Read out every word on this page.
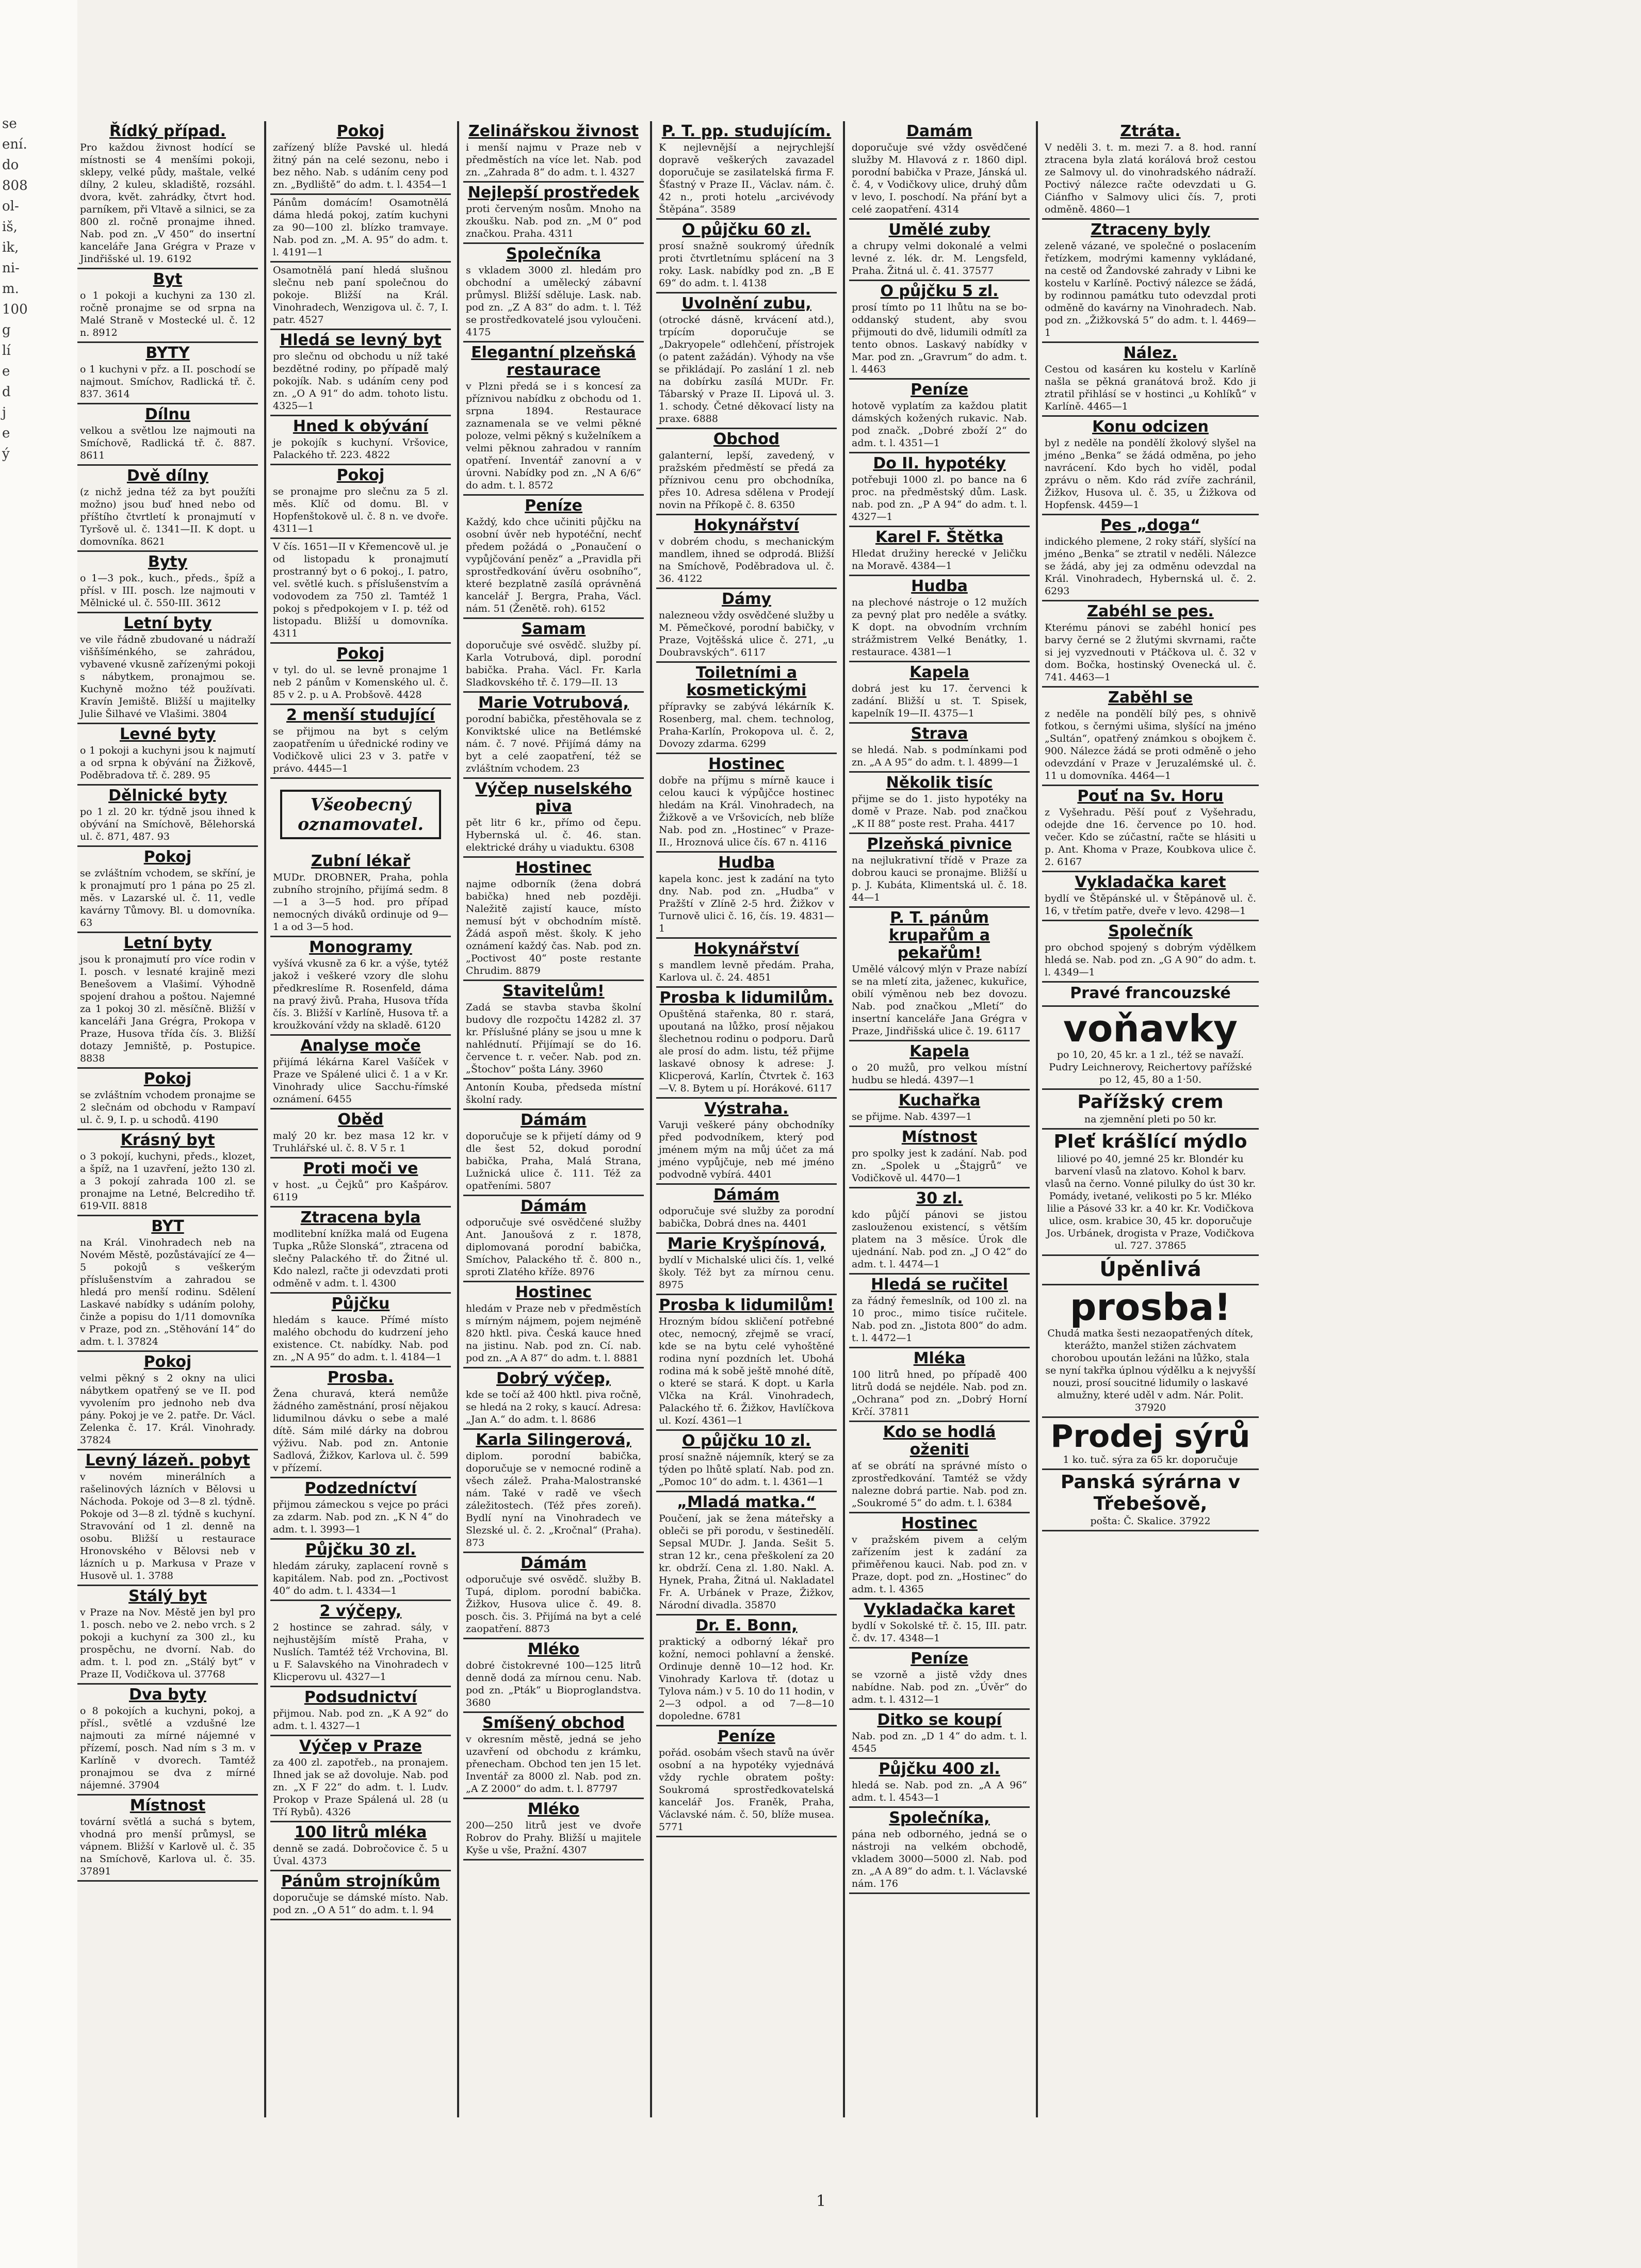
se
ení.
do
808
ol-
iš,
ik,
ni-
m.
100
g
lí
e
d
j
e
ý
Řídký případ.
Pro každou živnost hodící se místnosti se 4 menšími pokoji, sklepy, velké půdy, maštale, velké dílny, 2 kuleu, skladiště, rozsáhl. dvora, květ. zahrádky, čtvrt hod. parníkem, při Vltavě a silnici, se za 800 zl. ročně pronajme ihned. Nab. pod zn. „V 450“ do insertní kanceláře Jana Grégra v Praze v Jindřišské ul. 19. 6192
Byt
o 1 pokoji a kuchyni za 130 zl. ročně pronajme se od srpna na Malé Straně v Mostecké ul. č. 12 n. 8912
BYTY
o 1 kuchyni v přz. a II. poschodí se najmout. Smíchov, Radlická tř. č. 837. 3614
Dílnu
velkou a světlou lze najmouti na Smíchově, Radlická tř. č. 887. 8611
Dvě dílny
(z nichž jedna též za byt použíti možno) jsou buď hned nebo od příštího čtvrtletí k pronajmutí v Tyršově ul. č. 1341—II. K dopt. u domovníka. 8621
Byty
o 1—3 pok., kuch., předs., špíž a přísl. v III. posch. lze najmouti v Mělnické ul. č. 550-III. 3612
Letní byty
ve vile řádně zbudované u nádraží višňšíménkého, se zahrádou, vybavené vkusně zařízenými pokoji s nábytkem, pronajmou se. Kuchyně možno též používati. Kravín Jemiště. Bližší u majitelky Julie Šilhavé ve Vlašimi. 3804
Levné byty
o 1 pokoji a kuchyni jsou k najmutí a od srpna k obývání na Žižkově, Poděbradova tř. č. 289. 95
Dělnické byty
po 1 zl. 20 kr. týdně jsou ihned k obývání na Smíchově, Bělehorská ul. č. 871, 487. 93
Pokoj
se zvláštním vchodem, se skříní, je k pronajmutí pro 1 pána po 25 zl. měs. v Lazarské ul. č. 11, vedle kavárny Tůmovy. Bl. u domovníka. 63
Letní byty
jsou k pronajmutí pro více rodin v I. posch. v lesnaté krajině mezi Benešovem a Vlašimí. Výhodně spojení drahou a poštou. Najemné za 1 pokoj 30 zl. měsíčně. Bližší v kanceláři Jana Grégra, Prokopa v Praze, Husova třída čís. 3. Bližší dotazy Jemniště, p. Postupice. 8838
Pokoj
se zvláštním vchodem pronajme se 2 slečnám od obchodu v Rampaví ul. č. 9, I. p. u schodů. 4190
Krásný byt
o 3 pokojí, kuchyni, předs., klozet, a špíž, na 1 uzavření, ježto 130 zl. a 3 pokojí zahrada 100 zl. se pronajme na Letné, Belcrediho tř. 619-VII. 8818
BYT
na Král. Vinohradech neb na Novém Městě, pozůstávající ze 4—5 pokojů s veškerým příslušenstvím a zahradou se hledá pro menší rodinu. Sdělení Laskavé nabídky s udáním polohy, činže a popisu do 1/11 domovníka v Praze, pod zn. „Stěhování 14“ do adm. t. l. 37824
Pokoj
velmi pěkný s 2 okny na ulici nábytkem opatřený se ve II. pod vyvolením pro jednoho neb dva pány. Pokoj je ve 2. patře. Dr. Václ. Zelenka č. 17. Král. Vinohrady. 37824
Levný lázeň. pobyt
v novém minerálních a rašelinových lázních v Bělovsi u Náchoda. Pokoje od 3—8 zl. týdně. Pokoje od 3—8 zl. týdně s kuchyní. Stravování od 1 zl. denně na osobu. Bližší u restaurace Hronovského v Bělovsi neb v lázních u p. Markusa v Praze v Husově ul. 1. 3788
Stálý byt
v Praze na Nov. Městě jen byl pro 1. posch. nebo ve 2. nebo vrch. s 2 pokoji a kuchyní za 300 zl., ku prospěchu, ne dvorní. Nab. do adm. t. l. pod zn. „Stálý byt“ v Praze II, Vodičkova ul. 37768
Dva byty
o 8 pokojích a kuchyni, pokoj, a přísl., světlé a vzdušné lze najmouti za mírné nájemné v přízemí, posch. Nad ním s 3 m. v Karlíně v dvorech. Tamtéž pronajmou se dva z mírné nájemné. 37904
Místnost
tovární světlá a suchá s bytem, vhodná pro menší průmysl, se vápnem. Bližší v Karlově ul. č. 35 na Smíchově, Karlova ul. č. 35. 37891
Pokoj
zařízený blíže Pavské ul. hledá žitný pán na celé sezonu, nebo i bez něho. Nab. s udáním ceny pod zn. „Bydliště“ do adm. t. l. 4354—1
Pánům domácím! Osamotnělá dáma hledá pokoj, zatím kuchyni za 90—100 zl. blízko tramvaye. Nab. pod zn. „M. A. 95“ do adm. t. l. 4191—1
Osamotnělá paní hledá slušnou slečnu neb paní společnou do pokoje. Bližší na Král. Vinohradech, Wenzigova ul. č. 7, I. patr. 4527
Hledá se levný byt
pro slečnu od obchodu u níž také bezdětné rodiny, po případě malý pokojík. Nab. s udáním ceny pod zn. „O A 91“ do adm. tohoto listu. 4325—1
Hned k obývání
je pokojík s kuchyní. Vršovice, Palackého tř. 223. 4822
Pokoj
se pronajme pro slečnu za 5 zl. měs. Klíč od domu. Bl. v Hopfenštokově ul. č. 8 n. ve dvoře. 4311—1
V čís. 1651—II v Křemencově ul. je od listopadu k pronajmutí prostranný byt o 6 pokoj., I. patro, vel. světlé kuch. s příslušenstvím a vodovodem za 750 zl. Tamtéž 1 pokoj s předpokojem v I. p. též od listopadu. Bližší u domovníka. 4311
Pokoj
v tyl. do ul. se levně pronajme 1 neb 2 pánům v Komenského ul. č. 85 v 2. p. u A. Probšově. 4428
2 menší studující
se přijmou na byt s celým zaopatřením u úřednické rodiny ve Vodičkově ulici 23 v 3. patře v právo. 4445—1
Všeobecný oznamovatel.
Zubní lékař
MUDr. DROBNER, Praha, pohla zubního strojního, přijímá sedm. 8—1 a 3—5 hod. pro případ nemocných diváků ordinuje od 9—1 a od 3—5 hod.
Monogramy
vyšívá vkusně za 6 kr. a výše, tytéž jakož i veškeré vzory dle slohu předkreslíme R. Rosenfeld, dáma na pravý živů. Praha, Husova třída čís. 3. Bližší v Karlíně, Husova tř. a kroužkování vždy na skladě. 6120
Analyse moče
přijímá lékárna Karel Vašíček v Praze ve Spálené ulici č. 1 a v Kr. Vinohrady ulice Sacchu-římské oznámení. 6455
Oběd
malý 20 kr. bez masa 12 kr. v Truhlářské ul. č. 8. V 5 r. 1
Proti moči ve
v host. „u Čejků“ pro Kašpárov. 6119
Ztracena byla
modlitební knížka malá od Eugena Tupka „Růže Slonská“, ztracena od slečny Palackého tř. do Žitné ul. Kdo nalezl, račte ji odevzdati proti odměně v adm. t. l. 4300
Půjčku
hledám s kauce. Přímé místo malého obchodu do kudrzení jeho existence. Ct. nabídky. Nab. pod zn. „N A 95“ do adm. t. l. 4184—1
Prosba.
Žena churavá, která nemůže žádného zaměstnání, prosí nějakou lidumilnou dávku o sebe a malé dítě. Sám milé dárky na dobrou výživu. Nab. pod zn. Antonie Sadlová, Žižkov, Karlova ul. č. 599 v přízemí.
Podzedníctví
přijmou zámeckou s vejce po práci za zdarm. Nab. pod zn. „K N 4“ do adm. t. l. 3993—1
Půjčku 30 zl.
hledám záruky, zaplacení rovně s kapitálem. Nab. pod zn. „Poctivost 40“ do adm. t. l. 4334—1
2 výčepy,
2 hostince se zahrad. sály, v nejhustějším místě Praha, v Nuslích. Tamtéž též Vrchovina, Bl. u F. Salavského na Vinohradech v Klicperovu ul. 4327—1
Podsudnictví
přijmou. Nab. pod zn. „K A 92“ do adm. t. l. 4327—1
Výčep v Praze
za 400 zl. zapotřeb., na pronajem. Ihned jak se až dovoluje. Nab. pod zn. „X F 22“ do adm. t. l. Ludv. Prokop v Praze Spálená ul. 28 (u Tří Rybů). 4326
100 litrů mléka
denně se zadá. Dobročovice č. 5 u Úval. 4373
Pánům strojníkům
doporučuje se dámské místo. Nab. pod zn. „O A 51“ do adm. t. l. 94
Zelinářskou živnost
i menší najmu v Praze neb v předměstích na více let. Nab. pod zn. „Zahrada 8“ do adm. t. l. 4327
Nejlepší prostředek
proti červeným nosům. Mnoho na zkoušku. Nab. pod zn. „M 0“ pod značkou. Praha. 4311
Společníka
s vkladem 3000 zl. hledám pro obchodní a umělecký zábavní průmysl. Bližší sděluje. Lask. nab. pod zn. „Z A 83“ do adm. t. l. Též se prostředkovatelé jsou vyloučeni. 4175
Elegantní plzeňská restaurace
v Plzni předá se i s koncesí za příznivou nabídku z obchodu od 1. srpna 1894. Restaurace zaznamenala se ve velmi pěkné poloze, velmi pěkný s kuželníkem a velmi pěknou zahradou v ranním opatření. Inventář zanovní a v úrovni. Nabídky pod zn. „N A 6/6“ do adm. t. l. 8572
Peníze
Každý, kdo chce učiniti půjčku na osobní úvěr neb hypotéční, nechť předem požádá o „Ponaučení o vypůjčování peněz“ a „Pravidla při sprostředkování úvěru osobního“, které bezplatně zasílá oprávněná kancelář J. Bergra, Praha, Václ. nám. 51 (Ženětě. roh). 6152
Samam
doporučuje své osvědč. služby pí. Karla Votrubová, dipl. porodní babička. Praha. Václ. Fr. Karla Sladkovského tř. č. 179—II. 13
Marie Votrubová,
porodní babička, přestěhovala se z Konviktské ulice na Betlémské nám. č. 7 nové. Přijímá dámy na byt a celé zaopatření, též se zvláštním vchodem. 23
Výčep nuselského piva
pět litr 6 kr., přímo od čepu. Hybernská ul. č. 46. stan. elektrické dráhy u viaduktu. 6308
Hostinec
najme odborník (žena dobrá babička) hned neb později. Naležitě zajistí kauce, místo nemusí být v obchodním místě. Žádá aspoň měst. školy. K jeho oznámení každý čas. Nab. pod zn. „Poctivost 40“ poste restante Chrudim. 8879
Stavitelům!
Zadá se stavba stavba školní budovy dle rozpočtu 14282 zl. 37 kr. Příslušné plány se jsou u mne k nahlédnutí. Přijímají se do 16. července t. r. večer. Nab. pod zn. „Štochov“ pošta Lány. 3960
Antonín Kouba, předseda místní školní rady.
Dámám
doporučuje se k přijetí dámy od 9 dle šest 52, dokud porodní babička, Praha, Malá Strana, Lužnická ulice č. 111. Též za opatřeními. 5807
Dámám
odporučuje své osvědčené služby Ant. Janoušová z r. 1878, diplomovaná porodní babička, Smíchov, Palackého tř. č. 800 n., sproti Zlatého kříže. 8976
Hostinec
hledám v Praze neb v předměstích s mírným nájmem, pojem nejméně 820 hktl. piva. Česká kauce hned na jistinu. Nab. pod zn. Cí. nab. pod zn. „A A 87“ do adm. t. l. 8881
Dobrý výčep,
kde se točí až 400 hktl. piva ročně, se hledá na 2 roky, s kaucí. Adresa: „Jan A.“ do adm. t. l. 8686
Karla Silingerová,
diplom. porodní babička, doporučuje se v nemocné rodině a všech zálež. Praha-Malostranské nám. Také v radě ve všech záležitostech. (Též přes zoreň). Bydlí nyní na Vinohradech ve Slezské ul. č. 2. „Kročnal“ (Praha). 873
Dámám
odporučuje své osvědč. služby B. Tupá, diplom. porodní babička. Žižkov, Husova ulice č. 49. 8. posch. čis. 3. Přijímá na byt a celé zaopatření. 8873
Mléko
dobré čistokrevné 100—125 litrů denně dodá za mírnou cenu. Nab. pod zn. „Pták“ u Bioproglandstva. 3680
Smíšený obchod
v okresním městě, jedná se jeho uzavření od obchodu z krámku, přenecham. Obchod ten jen 15 let. Inventář za 8000 zl. Nab. pod zn. „A Z 2000“ do adm. t. l. 87797
Mléko
200—250 litrů jest ve dvoře Robrov do Prahy. Bližší u majitele Kyše u vše, Pražní. 4307
P. T. pp. studujícím.
K nejlevnější a nejrychlejší dopravě veškerých zavazadel doporučuje se zasilatelská firma F. Šťastný v Praze II., Václav. nám. č. 42 n., proti hotelu „arcivévody Štěpána“. 3589
O půjčku 60 zl.
prosí snažně soukromý úředník proti čtvrtletnímu splácení na 3 roky. Lask. nabídky pod zn. „B E 69“ do adm. t. l. 4138
Uvolnění zubu,
(otrocké dásně, krvácení atd.), trpícím doporučuje se „Dakryopele“ odlehčení, přístrojek (o patent zažádán). Výhody na vše se přikládají. Po zaslání 1 zl. neb na dobírku zasílá MUDr. Fr. Tábarský v Praze II. Lipová ul. 3. 1. schody. Četné děkovací listy na praxe. 6888
Obchod
galanterní, lepší, zavedený, v pražském předměstí se předá za příznivou cenu pro obchodníka, přes 10. Adresa sdělena v Prodejí novin na Příkopě č. 8. 6350
Hokynářství
v dobrém chodu, s mechanickým mandlem, ihned se odprodá. Bližší na Smíchově, Poděbradova ul. č. 36. 4122
Dámy
nalezneou vždy osvědčené služby u M. Pěmečkové, porodní babičky, v Praze, Vojtěšská ulice č. 271, „u Doubravských“. 6117
Toiletními a kosmetickými
přípravky se zabývá lékárník K. Rosenberg, mal. chem. technolog, Praha-Karlín, Prokopova ul. č. 2, Dovozy zdarma. 6299
Hostinec
dobře na příjmu s mírně kauce i celou kauci k výpůjčce hostinec hledám na Král. Vinohradech, na Žižkově a ve Vršovicích, neb blíže Nab. pod zn. „Hostinec“ v Praze-II., Hroznová ulice čís. 67 n. 4116
Hudba
kapela konc. jest k zadání na tyto dny. Nab. pod zn. „Hudba“ v Pražští v Zlíně 2-5 hrd. Žižkov v Turnově ulici č. 16, čís. 19. 4831—1
Hokynářství
s mandlem levně předám. Praha, Karlova ul. č. 24. 4851
Prosba k lidumilům.
Opuštěná stařenka, 80 r. stará, upoutaná na lůžko, prosí nějakou šlechetnou rodinu o podporu. Darů ale prosí do adm. listu, též přijme laskavé obnosy k adrese: J. Klicperová, Karlín, Čtvrtek č. 163—V. 8. Bytem u pí. Horákové. 6117
Výstraha.
Varuji veškeré pány obchodníky před podvodníkem, který pod jménem mým na můj účet za má jméno vypůjčuje, neb mé jméno podvodně vybírá. 4401
Dámám
odporučuje své služby za porodní babička, Dobrá dnes na. 4401
Marie Kryšpínová,
bydlí v Michalské ulici čís. 1, velké školy. Též byt za mírnou cenu. 8975
Prosba k lidumilům!
Hrozným bídou skličení potřebné otec, nemocný, zřejmě se vrací, kde se na bytu celé vyhoštěné rodina nyní pozdních let. Ubohá rodina má k sobě ještě mnohé dítě, o které se stará. K dopt. u Karla Vlčka na Král. Vinohradech, Palackého tř. 6. Žižkov, Havlíčkova ul. Kozí. 4361—1
O půjčku 10 zl.
prosí snažně nájemník, který se za týden po lhůtě splatí. Nab. pod zn. „Pomoc 10“ do adm. t. l. 4361—1
„Mladá matka.“
Poučení, jak se žena máteřsky a obleči se při porodu, v šestinedělí. Sepsal MUDr. J. Janda. Sešit 5. stran 12 kr., cena přeškolení za 20 kr. obdrží. Cena zl. 1.80. Nakl. A. Hynek, Praha, Žitná ul. Nakladatel Fr. A. Urbánek v Praze, Žižkov, Národní divadla. 35870
Dr. E. Bonn,
praktický a odborný lékař pro kožní, nemoci pohlavní a ženské. Ordinuje denně 10—12 hod. Kr. Vinohrady Karlova tř. (dotaz u Tylova nám.) v 5. 10 do 11 hodin, v 2—3 odpol. a od 7—8—10 dopoledne. 6781
Peníze
pořád. osobám všech stavů na úvěr osobní a na hypotéky vyjednává vždy rychle obratem pošty: Soukromá sprostředkovatelská kancelář Jos. Franěk, Praha, Václavské nám. č. 50, blíže musea. 5771
Damám
doporučuje své vždy osvědčené služby M. Hlavová z r. 1860 dipl. porodní babička v Praze, Jánská ul. č. 4, v Vodičkovy ulice, druhý dům v levo, I. poschodí. Na přání byt a celé zaopatření. 4314
Umělé zuby
a chrupy velmi dokonalé a velmi levné z. lék. dr. M. Lengsfeld, Praha. Žitná ul. č. 41. 37577
O půjčku 5 zl.
prosí tímto po 11 lhůtu na se bo-oddanský student, aby svou přijmouti do dvě, lidumili odmítl za tento obnos. Laskavý nabídky v Mar. pod zn. „Gravrum“ do adm. t. l. 4463
Peníze
hotově vyplatím za každou platit dámských kožených rukavic. Nab. pod značk. „Dobré zboží 2“ do adm. t. l. 4351—1
Do II. hypotéky
potřebuji 1000 zl. po bance na 6 proc. na předměstský dům. Lask. nab. pod zn. „P A 94“ do adm. t. l. 4327—1
Karel F. Štětka
Hledat družiny herecké v Jeličku na Moravě. 4384—1
Hudba
na plechové nástroje o 12 mužích za pevný plat pro neděle a svátky. K dopt. na obvodním vrchním strážmistrem Velké Benátky, 1. restaurace. 4381—1
Kapela
dobrá jest ku 17. červenci k zadání. Bližší u st. T. Spisek, kapelník 19—II. 4375—1
Strava
se hledá. Nab. s podmínkami pod zn. „A A 95“ do adm. t. l. 4899—1
Několik tisíc
přijme se do 1. jisto hypotéky na domě v Praze. Nab. pod značkou „K II 88“ poste rest. Praha. 4417
Plzeňská pivnice
na nejlukrativní třídě v Praze za dobrou kauci se pronajme. Bližší u p. J. Kubáta, Klimentská ul. č. 18. 44—1
P. T. pánům krupařům a pekařům!
Umělé válcový mlýn v Praze nabízí se na mletí zita, jaženec, kukuřice, obilí výměnou neb bez dovozu. Nab. pod značkou „Mletí“ do insertní kanceláře Jana Grégra v Praze, Jindřišská ulice č. 19. 6117
Kapela
o 20 mužů, pro velkou místní hudbu se hledá. 4397—1
Kuchařka
se přijme. Nab. 4397—1
Místnost
pro spolky jest k zadání. Nab. pod zn. „Spolek u „Štajgrů“ ve Vodičkově ul. 4470—1
30 zl.
kdo půjčí pánovi se jistou zaslouženou existencí, s větším platem na 3 měsíce. Úrok dle ujednání. Nab. pod zn. „J O 42“ do adm. t. l. 4474—1
Hledá se ručitel
za řádný řemeslník, od 100 zl. na 10 proc., mimo tisíce ručitele. Nab. pod zn. „Jistota 800“ do adm. t. l. 4472—1
Mléka
100 litrů hned, po případě 400 litrů dodá se nejdéle. Nab. pod zn. „Ochrana“ pod zn. „Dobrý Horní Krčí. 37811
Kdo se hodlá oženiti
ať se obrátí na správné místo o zprostředkování. Tamtéž se vždy nalezne dobrá partie. Nab. pod zn. „Soukromé 5“ do adm. t. l. 6384
Hostinec
v pražském pivem a celým zařízením jest k zadání za přiměřenou kauci. Nab. pod zn. v Praze, dopt. pod zn. „Hostinec“ do adm. t. l. 4365
Vykladačka karet
bydlí v Sokolské tř. č. 15, III. patr. č. dv. 17. 4348—1
Peníze
se vzorně a jistě vždy dnes nabídne. Nab. pod zn. „Úvěr“ do adm. t. l. 4312—1
Ditko se koupí
Nab. pod zn. „D 1 4“ do adm. t. l. 4545
Půjčku 400 zl.
hledá se. Nab. pod zn. „A A 96“ adm. t. l. 4543—1
Společníka,
pána neb odborného, jedná se o nástroji na velkém obchodě, vkladem 3000—5000 zl. Nab. pod zn. „A A 89“ do adm. t. l. Václavské nám. 176
Ztráta.
V neděli 3. t. m. mezi 7. a 8. hod. ranní ztracena byla zlatá korálová brož cestou ze Salmovy ul. do vinohradského nádraží. Poctivý nálezce račte odevzdati u G. Ciánfho v Salmovy ulici čís. 7, proti odměně. 4860—1
Ztraceny byly
zeleně vázané, ve společné o poslacením řetízkem, modrými kamenny vykládané, na cestě od Žandovské zahrady v Libni ke kostelu v Karlíně. Poctivý nálezce se žádá, by rodinnou památku tuto odevzdal proti odměně do kavárny na Vinohradech. Nab. pod zn. „Žižkovská 5“ do adm. t. l. 4469—1
Nález.
Cestou od kasáren ku kostelu v Karlíně našla se pěkná granátová brož. Kdo ji ztratil přihlásí se v hostinci „u Kohlíků“ v Karlíně. 4465—1
Konu odcizen
byl z neděle na pondělí žkolový slyšel na jméno „Benka“ se žádá odměna, po jeho navrácení. Kdo bych ho viděl, podal zprávu o něm. Kdo rád zvíře zachránil, Žižkov, Husova ul. č. 35, u Žižkova od Hopfensk. 4459—1
Pes „doga“
indického plemene, 2 roky stáří, slyšící na jméno „Benka“ se ztratil v neděli. Nálezce se žádá, aby jej za odměnu odevzdal na Král. Vinohradech, Hybernská ul. č. 2. 6293
Zabéhl se pes.
Kterému pánovi se zabéhl honicí pes barvy černé se 2 žlutými skvrnami, račte si jej vyzvednouti v Ptáčkova ul. č. 32 v dom. Bočka, hostinský Ovenecká ul. č. 741. 4463—1
Zaběhl se
z neděle na pondělí bílý pes, s ohnivě fotkou, s černými ušima, slyšící na jméno „Sultán“, opatřený známkou s obojkem č. 900. Nálezce žádá se proti odměně o jeho odevzdání v Praze v Jeruzalémské ul. č. 11 u domovníka. 4464—1
Pouť na Sv. Horu
z Vyšehradu. Pěší pouť z Vyšehradu, odejde dne 16. července po 10. hod. večer. Kdo se zúčastní, račte se hlásiti u p. Ant. Khoma v Praze, Koubkova ulice č. 2. 6167
Vykladačka karet
bydlí ve Štěpánské ul. v Štěpánově ul. č. 16, v třetím patře, dveře v levo. 4298—1
Společník
pro obchod spojený s dobrým výdělkem hledá se. Nab. pod zn. „G A 90“ do adm. t. l. 4349—1
Pravé francouzské
voňavky
po 10, 20, 45 kr. a 1 zl., též se navaží. Pudry Leichnerovy, Reichertovy pařížské po 12, 45, 80 a 1·50.
Pařížský crem
na zjemnění pleti po 50 kr.
Pleť krášlící mýdlo
liliové po 40, jemné 25 kr. Blondér ku barvení vlasů na zlatovo. Kohol k barv. vlasů na černo. Vonné pilulky do úst 30 kr. Pomády, ivetané, velikosti po 5 kr. Mléko lilie a Pásové 33 kr. a 40 kr. Kr. Vodičkova ulice, osm. krabice 30, 45 kr. doporučuje Jos. Urbánek, drogista v Praze, Vodičkova ul. 727. 37865
Úpěnlivá
prosba!
Chudá matka šesti nezaopatřených dítek, kterážto, manžel stižen záchvatem chorobou upoután ležáni na lůžko, stala se nyní takřka úplnou výdělku a k nejvyšší nouzi, prosí soucitné lidumily o laskavé almužny, které uděl v adm. Nár. Polit. 37920
Prodej sýrů
1 ko. tuč. sýra za 65 kr. doporučuje
Panská sýrárna v Třebešově,
pošta: Č. Skalice. 37922
1
